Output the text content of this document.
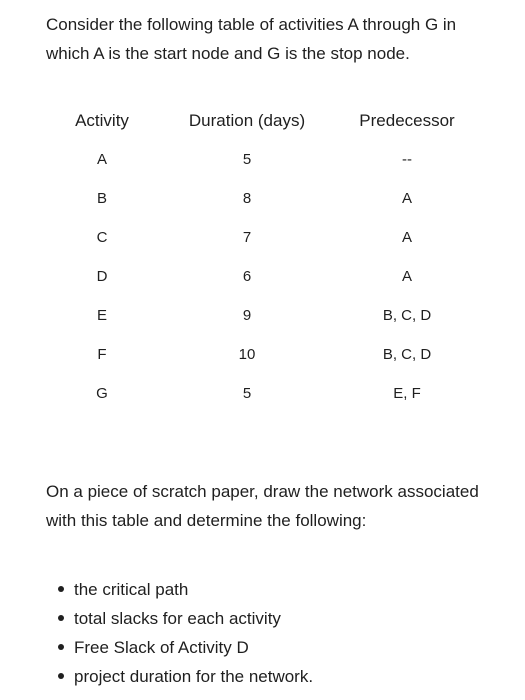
Consider the following table of activities A through G in which A is the start node and G is the stop node.

Activity	Duration (days)	Predecessor
A	5	--
B	8	A
C	7	A
D	6	A
E	9	B, C, D
F	10	B, C, D
G	5	E, F

On a piece of scratch paper, draw the network associated with this table and determine the following:

the critical path
total slacks for each activity
Free Slack of Activity D
project duration for the network.
